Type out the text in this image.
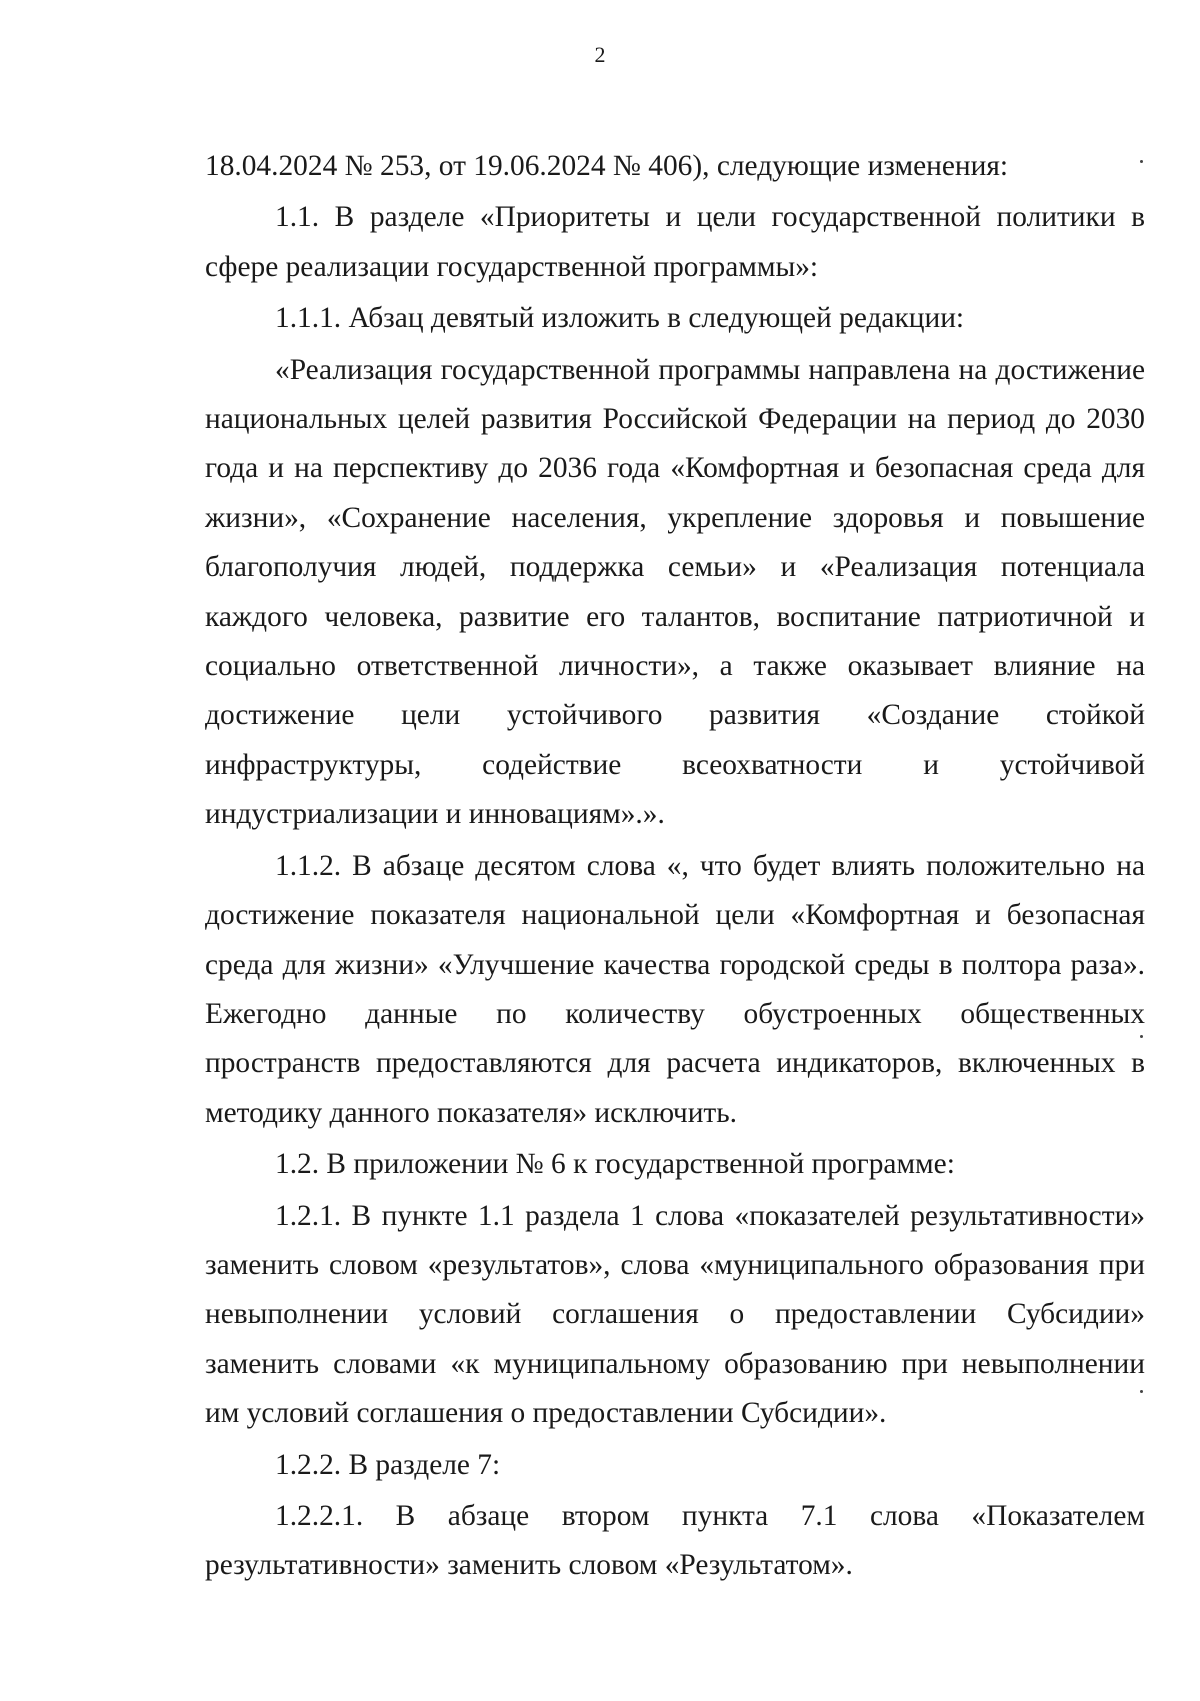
2

18.04.2024 № 253, от 19.06.2024 № 406), следующие изменения:

1.1. В разделе «Приоритеты и цели государственной политики в сфере реализации государственной программы»:

1.1.1. Абзац девятый изложить в следующей редакции:

«Реализация государственной программы направлена на достижение национальных целей развития Российской Федерации на период до 2030 года и на перспективу до 2036 года «Комфортная и безопасная среда для жизни», «Сохранение населения, укрепление здоровья и повышение благополучия людей, поддержка семьи» и «Реализация потенциала каждого человека, развитие его талантов, воспитание патриотичной и социально ответственной личности», а также оказывает влияние на достижение цели устойчивого развития «Создание стойкой инфраструктуры, содействие всеохватности и устойчивой индустриализации и инновациям».».

1.1.2. В абзаце десятом слова «, что будет влиять положительно на достижение показателя национальной цели «Комфортная и безопасная среда для жизни» «Улучшение качества городской среды в полтора раза». Ежегодно данные по количеству обустроенных общественных пространств предоставляются для расчета индикаторов, включенных в методику данного показателя» исключить.

1.2. В приложении № 6 к государственной программе:

1.2.1. В пункте 1.1 раздела 1 слова «показателей результативности» заменить словом «результатов», слова «муниципального образования при невыполнении условий соглашения о предоставлении Субсидии» заменить словами «к муниципальному образованию при невыполнении им условий соглашения о предоставлении Субсидии».

1.2.2. В разделе 7:

1.2.2.1. В абзаце втором пункта 7.1 слова «Показателем результативности» заменить словом «Результатом».
